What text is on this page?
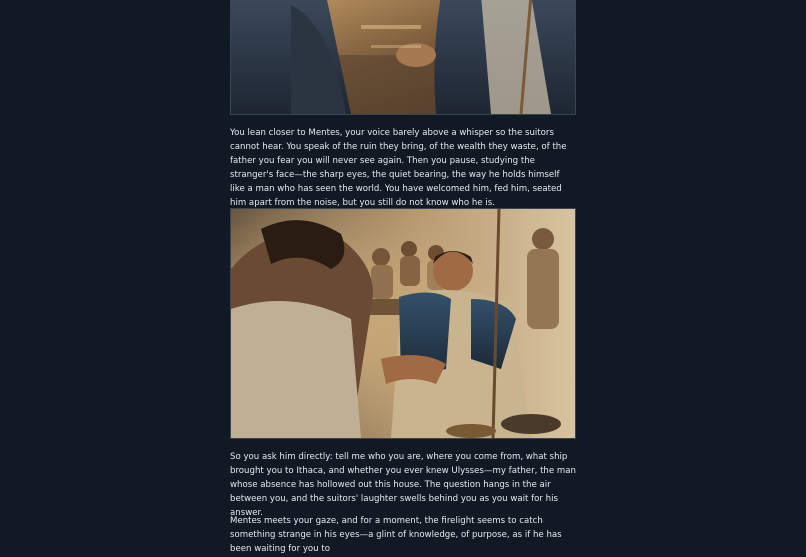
You lean closer to Mentes, your voice barely above a whisper so the suitors cannot hear. You speak of the ruin they bring, of the wealth they waste, of the father you fear you will never see again. Then you pause, studying the stranger's face—the sharp eyes, the quiet bearing, the way he holds himself like a man who has seen the world. You have welcomed him, fed him, seated him apart from the noise, but you still do not know who he is.

So you ask him directly: tell me who you are, where you come from, what ship brought you to Ithaca, and whether you ever knew Ulysses—my father, the man whose absence has hollowed out this house. The question hangs in the air between you, and the suitors' laughter swells behind you as you wait for his answer.

Mentes meets your gaze, and for a moment, the firelight seems to catch something strange in his eyes—a glint of knowledge, of purpose, as if he has been waiting for you to
